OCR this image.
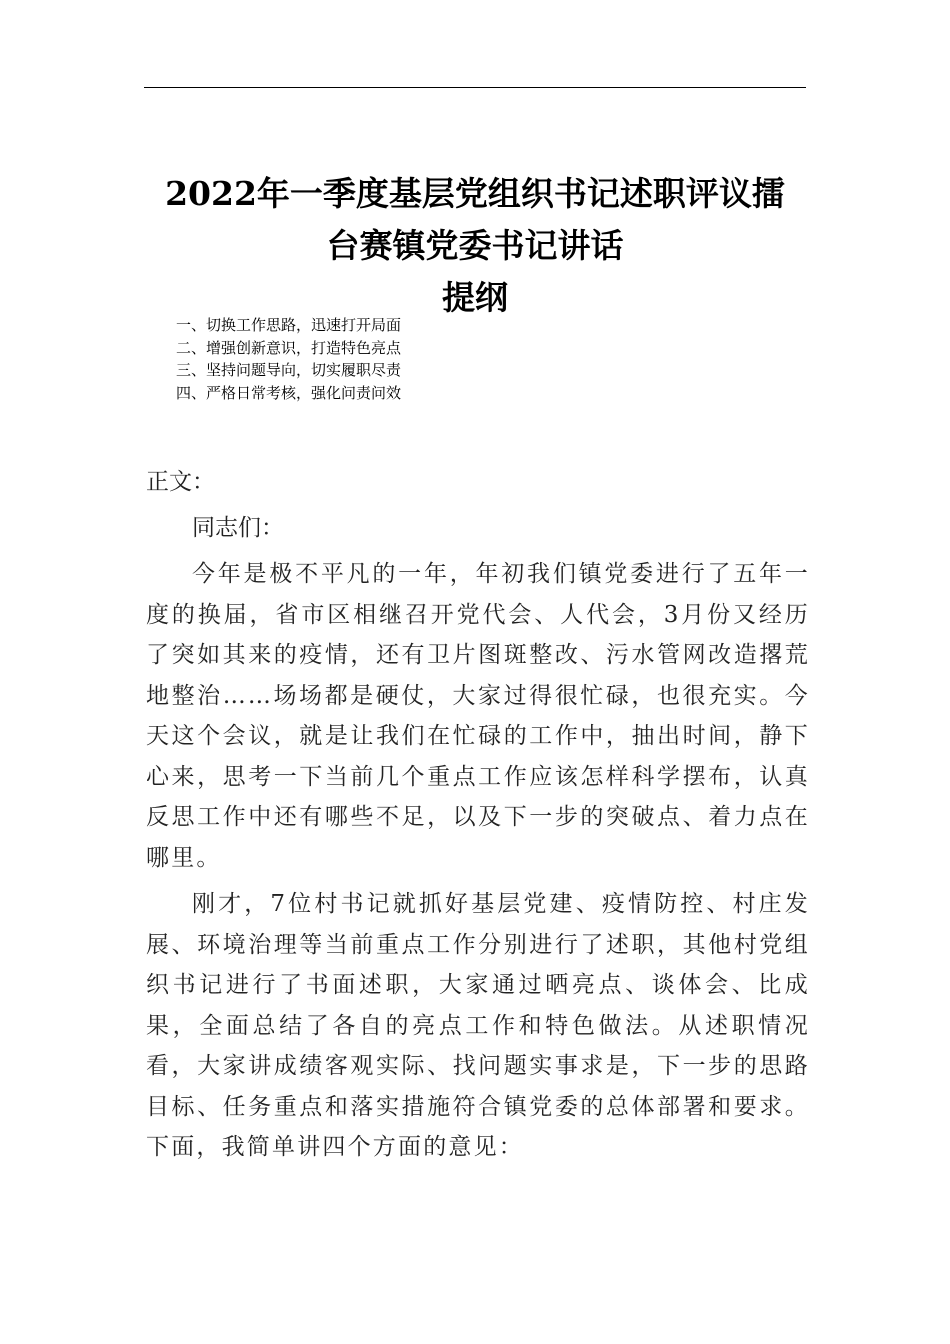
2022年一季度基层党组织书记述职评议擂
台赛镇党委书记讲话
提纲
一、切换工作思路，迅速打开局面
二、增强创新意识，打造特色亮点
三、坚持问题导向，切实履职尽责
四、严格日常考核，强化问责问效
正文：
同志们：

今年是极不平凡的一年，年初我们镇党委进行了五年一度的换届，省市区相继召开党代会、人代会，3月份又经历了突如其来的疫情，还有卫片图斑整改、污水管网改造撂荒地整治……场场都是硬仗，大家过得很忙碌，也很充实。今天这个会议，就是让我们在忙碌的工作中，抽出时间，静下心来，思考一下当前几个重点工作应该怎样科学摆布，认真反思工作中还有哪些不足，以及下一步的突破点、着力点在哪里。

刚才，7位村书记就抓好基层党建、疫情防控、村庄发展、环境治理等当前重点工作分别进行了述职，其他村党组织书记进行了书面述职，大家通过晒亮点、谈体会、比成果，全面总结了各自的亮点工作和特色做法。从述职情况看，大家讲成绩客观实际、找问题实事求是，下一步的思路目标、任务重点和落实措施符合镇党委的总体部署和要求。下面，我简单讲四个方面的意见：
